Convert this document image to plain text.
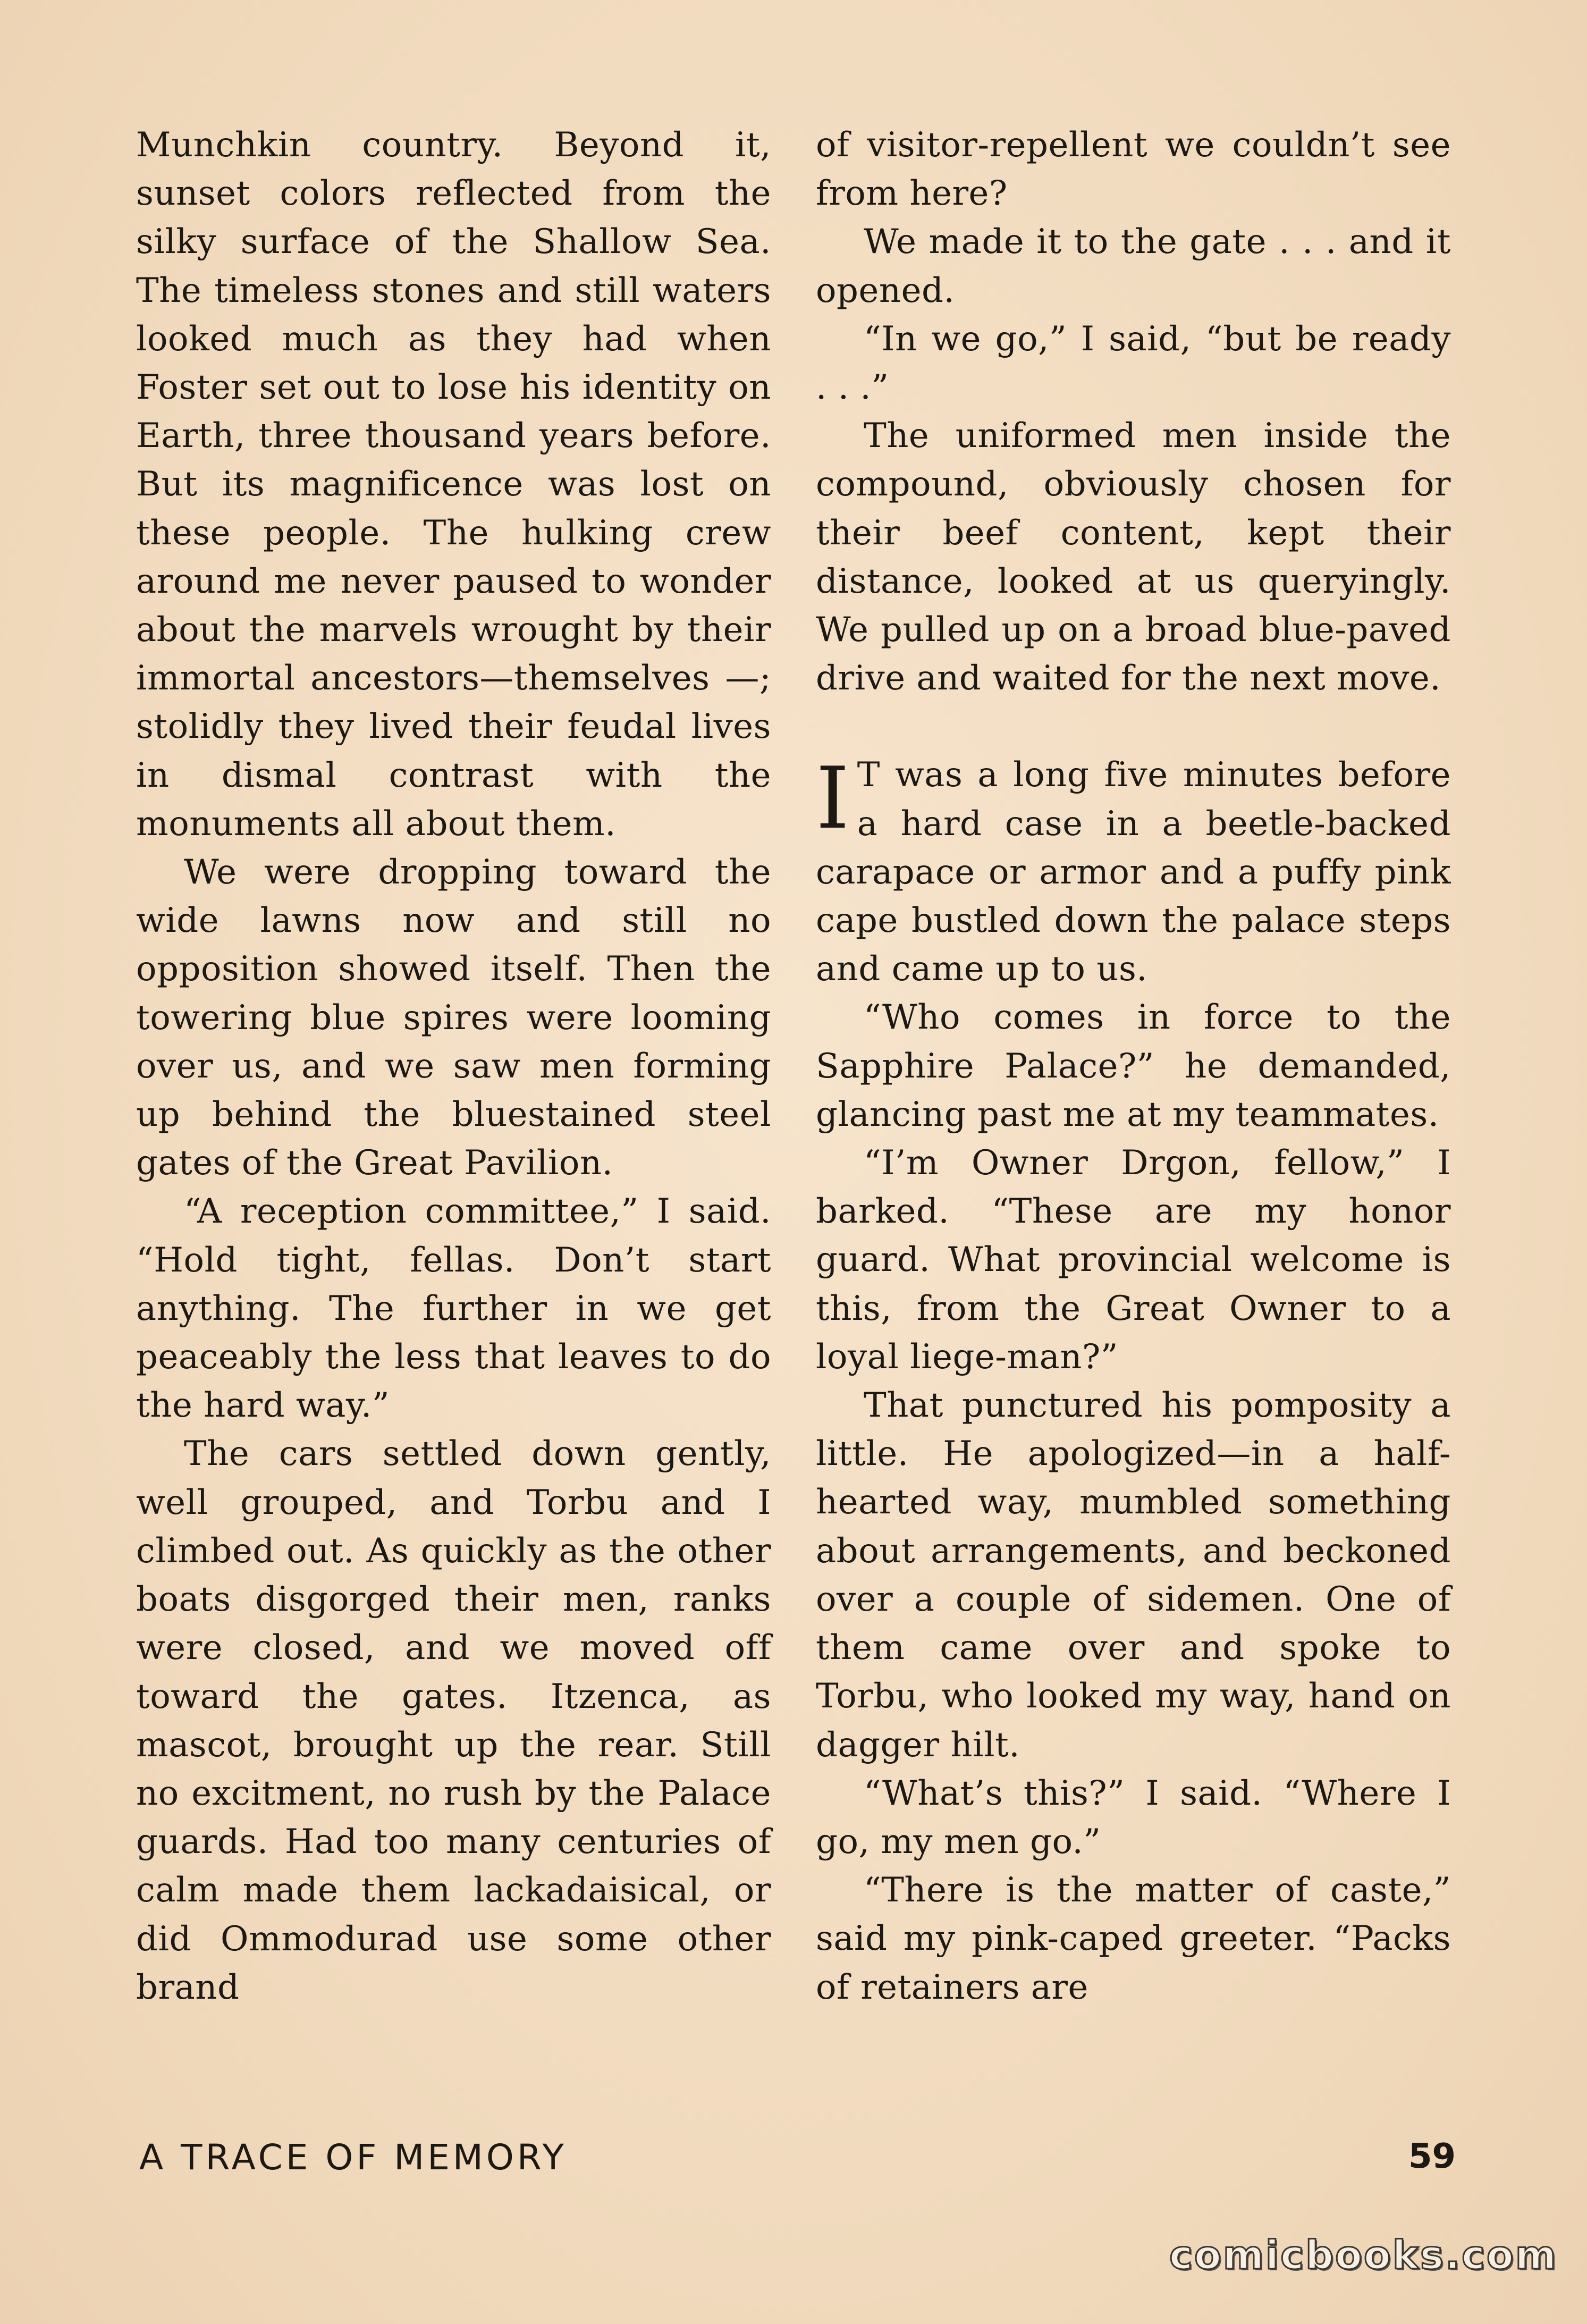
Munchkin country. Beyond it, sunset colors reflected from the silky surface of the Shallow Sea. The timeless stones and still waters looked much as they had when Foster set out to lose his identity on Earth, three thousand years before. But its magnificence was lost on these people. The hulking crew around me never paused to wonder about the marvels wrought by their immortal ancestors—themselves —; stolidly they lived their feudal lives in dismal contrast with the monuments all about them.

We were dropping toward the wide lawns now and still no opposition showed itself. Then the towering blue spires were looming over us, and we saw men forming up behind the bluestained steel gates of the Great Pavilion.

“A reception committee,” I said. “Hold tight, fellas. Don’t start anything. The further in we get peaceably the less that leaves to do the hard way.”

The cars settled down gently, well grouped, and Torbu and I climbed out. As quickly as the other boats disgorged their men, ranks were closed, and we moved off toward the gates. Itzenca, as mascot, brought up the rear. Still no excitment, no rush by the Palace guards. Had too many centuries of calm made them lackadaisical, or did Ommodurad use some other brand

of visitor-repellent we couldn’t see from here?

We made it to the gate . . . and it opened.

“In we go,” I said, “but be ready . . .”

The uniformed men inside the compound, obviously chosen for their beef content, kept their distance, looked at us queryingly. We pulled up on a broad blue-paved drive and waited for the next move.

I T was a long five minutes before a hard case in a beetle-backed carapace or armor and a puffy pink cape bustled down the palace steps and came up to us.

“Who comes in force to the Sapphire Palace?” he demanded, glancing past me at my teammates.

“I’m Owner Drgon, fellow,” I barked. “These are my honor guard. What provincial welcome is this, from the Great Owner to a loyal liege-man?”

That punctured his pomposity a little. He apologized—in a half-hearted way, mumbled something about arrangements, and beckoned over a couple of sidemen. One of them came over and spoke to Torbu, who looked my way, hand on dagger hilt.

“What’s this?” I said. “Where I go, my men go.”

“There is the matter of caste,” said my pink-caped greeter. “Packs of retainers are

A TRACE OF MEMORY	59
comicbooks.com
